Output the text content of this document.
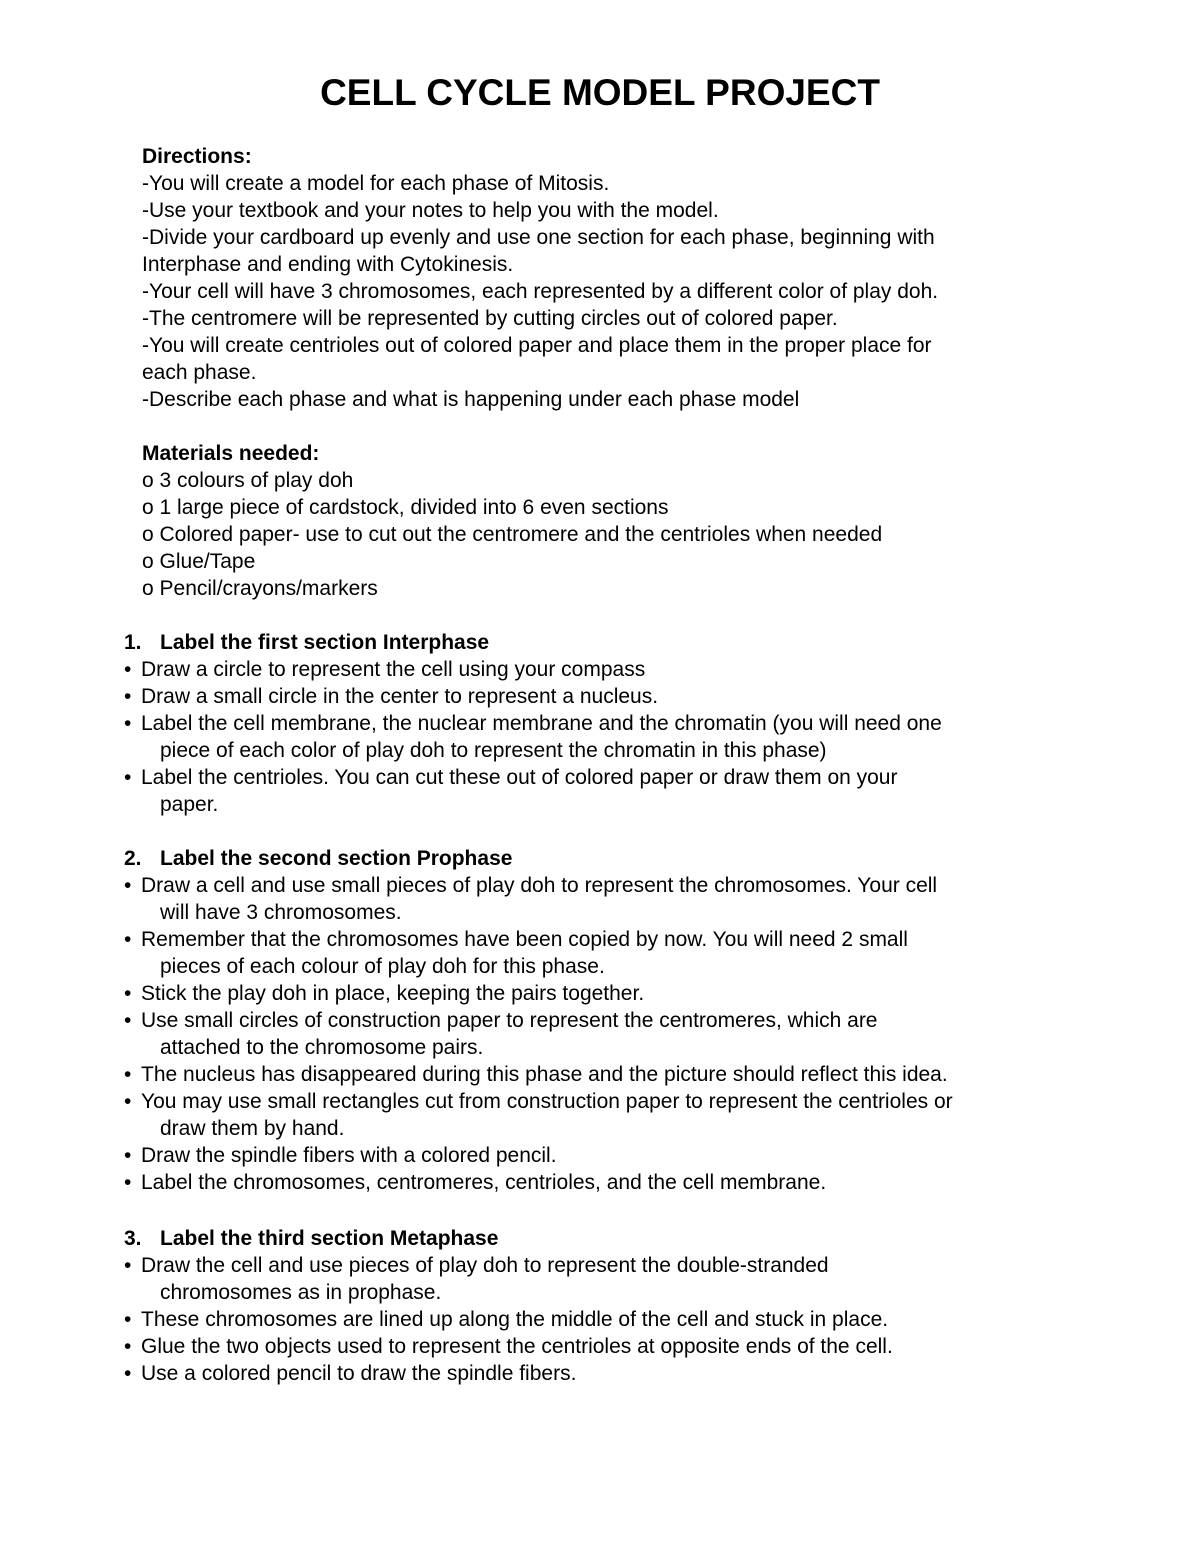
CELL CYCLE MODEL PROJECT

Directions:

-You will create a model for each phase of Mitosis.

-Use your textbook and your notes to help you with the model.

-Divide your cardboard up evenly and use one section for each phase, beginning with

Interphase and ending with Cytokinesis.

-Your cell will have 3 chromosomes, each represented by a different color of play doh.

-The centromere will be represented by cutting circles out of colored paper.

-You will create centrioles out of colored paper and place them in the proper place for

each phase.

-Describe each phase and what is happening under each phase model

Materials needed:

o 3 colours of play doh

o 1 large piece of cardstock, divided into 6 even sections

o Colored paper- use to cut out the centromere and the centrioles when needed

o Glue/Tape

o Pencil/crayons/markers

1. Label the first section Interphase

• Draw a circle to represent the cell using your compass
• Draw a small circle in the center to represent a nucleus.
• Label the cell membrane, the nuclear membrane and the chromatin (you will need one
piece of each color of play doh to represent the chromatin in this phase)
• Label the centrioles. You can cut these out of colored paper or draw them on your
paper.

2. Label the second section Prophase

• Draw a cell and use small pieces of play doh to represent the chromosomes. Your cell
will have 3 chromosomes.
• Remember that the chromosomes have been copied by now. You will need 2 small
pieces of each colour of play doh for this phase.
• Stick the play doh in place, keeping the pairs together.
• Use small circles of construction paper to represent the centromeres, which are
attached to the chromosome pairs.
• The nucleus has disappeared during this phase and the picture should reflect this idea.
• You may use small rectangles cut from construction paper to represent the centrioles or
draw them by hand.
• Draw the spindle fibers with a colored pencil.
• Label the chromosomes, centromeres, centrioles, and the cell membrane.

3. Label the third section Metaphase

• Draw the cell and use pieces of play doh to represent the double-stranded
chromosomes as in prophase.
• These chromosomes are lined up along the middle of the cell and stuck in place.
• Glue the two objects used to represent the centrioles at opposite ends of the cell.
• Use a colored pencil to draw the spindle fibers.
